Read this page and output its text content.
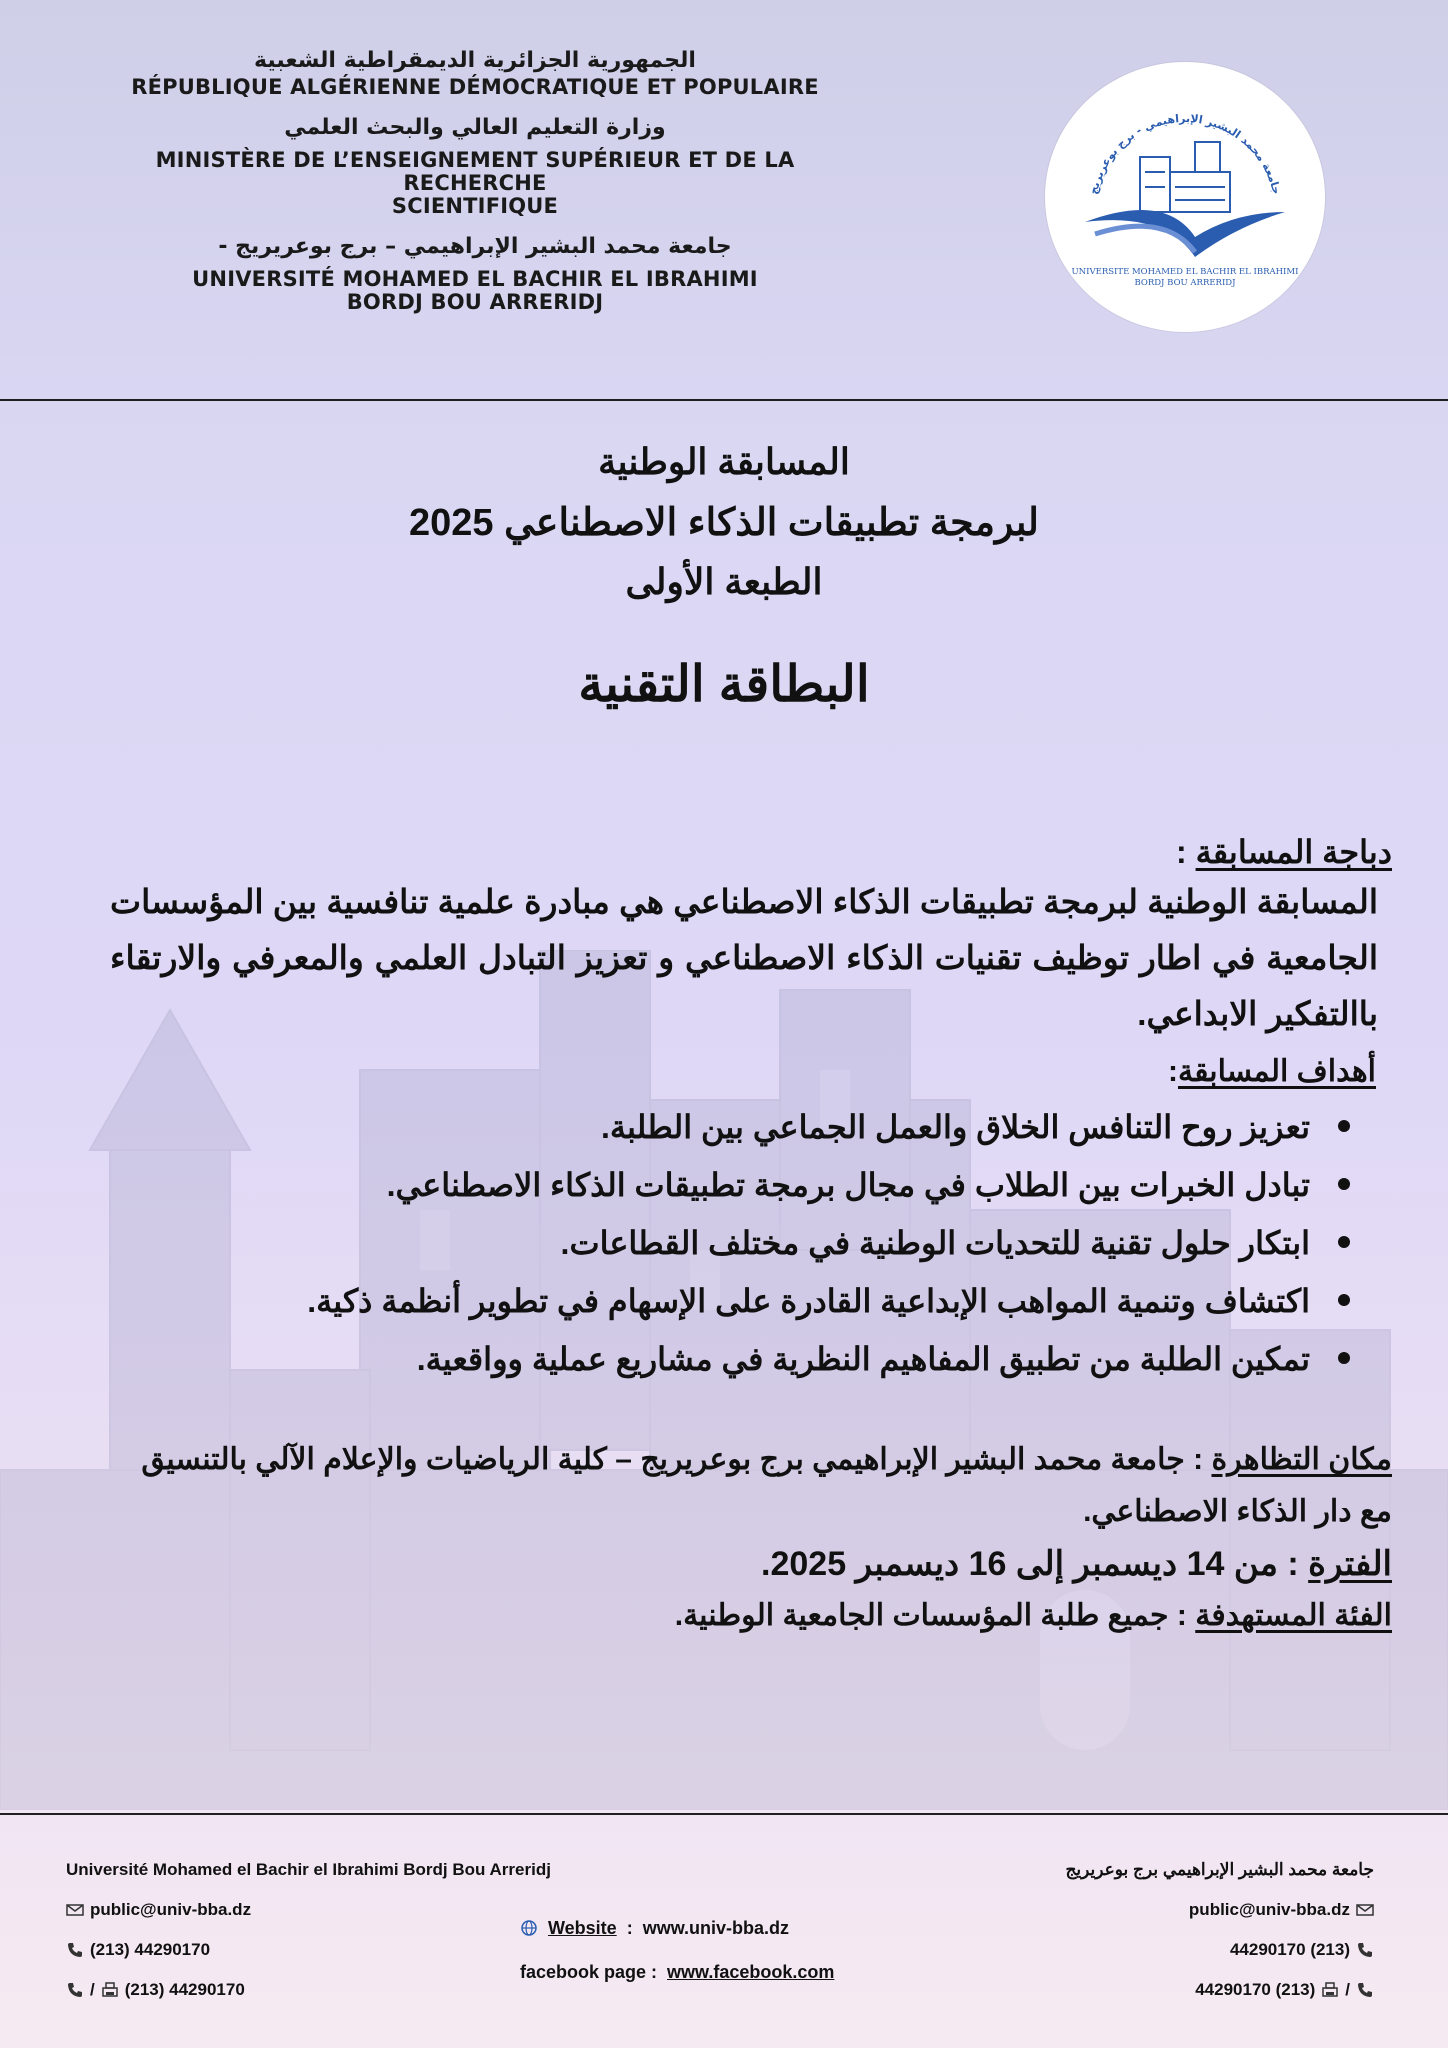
الجمهورية الجزائرية الديمقراطية الشعبية
RÉPUBLIQUE ALGÉRIENNE DÉMOCRATIQUE ET POPULAIRE
وزارة التعليم العالي والبحث العلمي
MINISTÈRE DE L’ENSEIGNEMENT SUPÉRIEUR ET DE LA RECHERCHE
SCIENTIFIQUE
جامعة محمد البشير الإبراهيمي – برج بوعريريج -
UNIVERSITÉ MOHAMED EL BACHIR EL IBRAHIMI
BORDJ BOU ARRERIDJ
جامعة محمد البشير الإبراهيمي - برج بوعريريج
UNIVERSITE MOHAMED EL BACHIR EL IBRAHIMI
BORDJ BOU ARRERIDJ
المسابقة الوطنية
لبرمجة تطبيقات الذكاء الاصطناعي 2025
الطبعة الأولى
البطاقة التقنية
دباجة المسابقة :
المسابقة الوطنية لبرمجة تطبيقات الذكاء الاصطناعي هي مبادرة علمية تنافسية بين المؤسسات الجامعية في اطار توظيف تقنيات الذكاء الاصطناعي و تعزيز التبادل العلمي والمعرفي والارتقاء باالتفكير الابداعي.
أهداف المسابقة:
تعزيز روح التنافس الخلاق والعمل الجماعي بين الطلبة.
تبادل الخبرات بين الطلاب في مجال برمجة تطبيقات الذكاء الاصطناعي.
ابتكار حلول تقنية للتحديات الوطنية في مختلف القطاعات.
اكتشاف وتنمية المواهب الإبداعية القادرة على الإسهام في تطوير أنظمة ذكية.
تمكين الطلبة من تطبيق المفاهيم النظرية في مشاريع عملية وواقعية.
مكان التظاهرة : جامعة محمد البشير الإبراهيمي برج بوعريريج – كلية الرياضيات والإعلام الآلي بالتنسيق مع دار الذكاء الاصطناعي.
الفترة : من 14 ديسمبر إلى 16 ديسمبر 2025.
الفئة المستهدفة : جميع طلبة المؤسسات الجامعية الوطنية.
Université Mohamed el Bachir el Ibrahimi Bordj Bou Arreridj
public@univ-bba.dz
(213) 44290170
/ (213) 44290170
Website : www.univ-bba.dz
facebook page : www.facebook.com
جامعة محمد البشير الإبراهيمي برج بوعريريج
public@univ-bba.dz
44290170 (213)
44290170 (213) /
